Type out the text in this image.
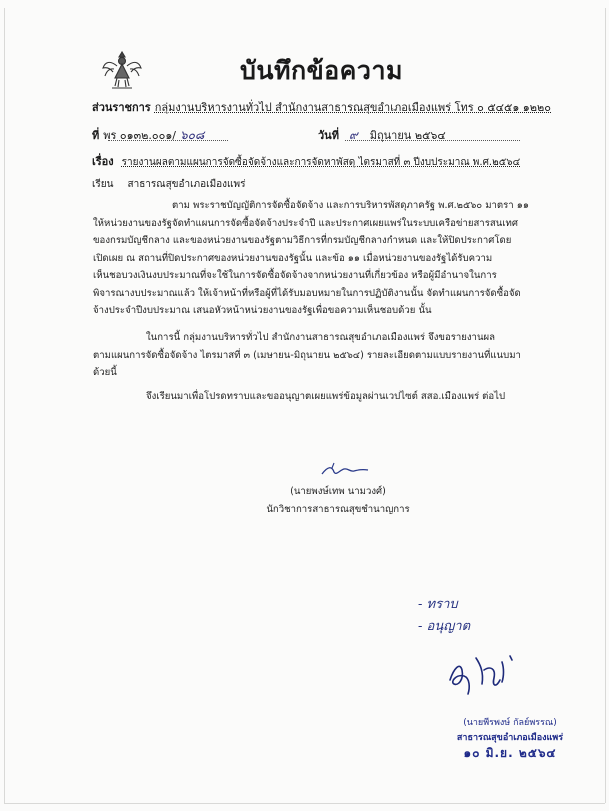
บันทึกข้อความ
ส่วนราชการ กลุ่มงานบริหารงานทั่วไป สำนักงานสาธารณสุขอำเภอเมืองแพร่ โทร ๐ ๕๔๕๑ ๑๒๒๐
ที่ พร ๐๑๓๒.๐๐๑/ ๖๐๘	วันที่ ๙ มิถุนายน ๒๕๖๔
เรื่อง รายงานผลตามแผนการจัดซื้อจัดจ้างและการจัดหาพัสดุ ไตรมาสที่ ๓ ปีงบประมาณ พ.ศ.๒๕๖๔
เรียน สาธารณสุขอำเภอเมืองแพร่

ตาม พระราชบัญญัติการจัดซื้อจัดจ้าง และการบริหารพัสดุภาครัฐ พ.ศ.๒๕๖๐ มาตรา ๑๑

ให้หน่วยงานของรัฐจัดทำแผนการจัดซื้อจัดจ้างประจำปี และประกาศเผยแพร่ในระบบเครือข่ายสารสนเทศ

ของกรมบัญชีกลาง และของหน่วยงานของรัฐตามวิธีการที่กรมบัญชีกลางกำหนด และให้ปิดประกาศโดย

เปิดเผย ณ สถานที่ปิดประกาศของหน่วยงานของรัฐนั้น และข้อ ๑๑ เมื่อหน่วยงานของรัฐได้รับความ

เห็นชอบวงเงินงบประมาณที่จะใช้ในการจัดซื้อจัดจ้างจากหน่วยงานที่เกี่ยวข้อง หรือผู้มีอำนาจในการ

พิจารณางบประมาณแล้ว ให้เจ้าหน้าที่หรือผู้ที่ได้รับมอบหมายในการปฏิบัติงานนั้น จัดทำแผนการจัดซื้อจัด

จ้างประจำปีงบประมาณ เสนอหัวหน้าหน่วยงานของรัฐเพื่อขอความเห็นชอบด้วย นั้น

ในการนี้ กลุ่มงานบริหารทั่วไป สำนักงานสาธารณสุขอำเภอเมืองแพร่ จึงขอรายงานผล

ตามแผนการจัดซื้อจัดจ้าง ไตรมาสที่ ๓ (เมษายน-มิถุนายน ๒๕๖๔) รายละเอียดตามแบบรายงานที่แนบมา

ด้วยนี้

จึงเรียนมาเพื่อโปรดทราบและขออนุญาตเผยแพร่ข้อมูลผ่านเวปไซต์ สสอ.เมืองแพร่ ต่อไป

(นายพงษ์เทพ นามวงศ์)
นักวิชาการสาธารณสุขชำนาญการ
- ทราบ
- อนุญาต
(นายพีรพงษ์ กัลย์พรรณ)
สาธารณสุขอำเภอเมืองแพร่
๑๐ มิ.ย. ๒๕๖๔
